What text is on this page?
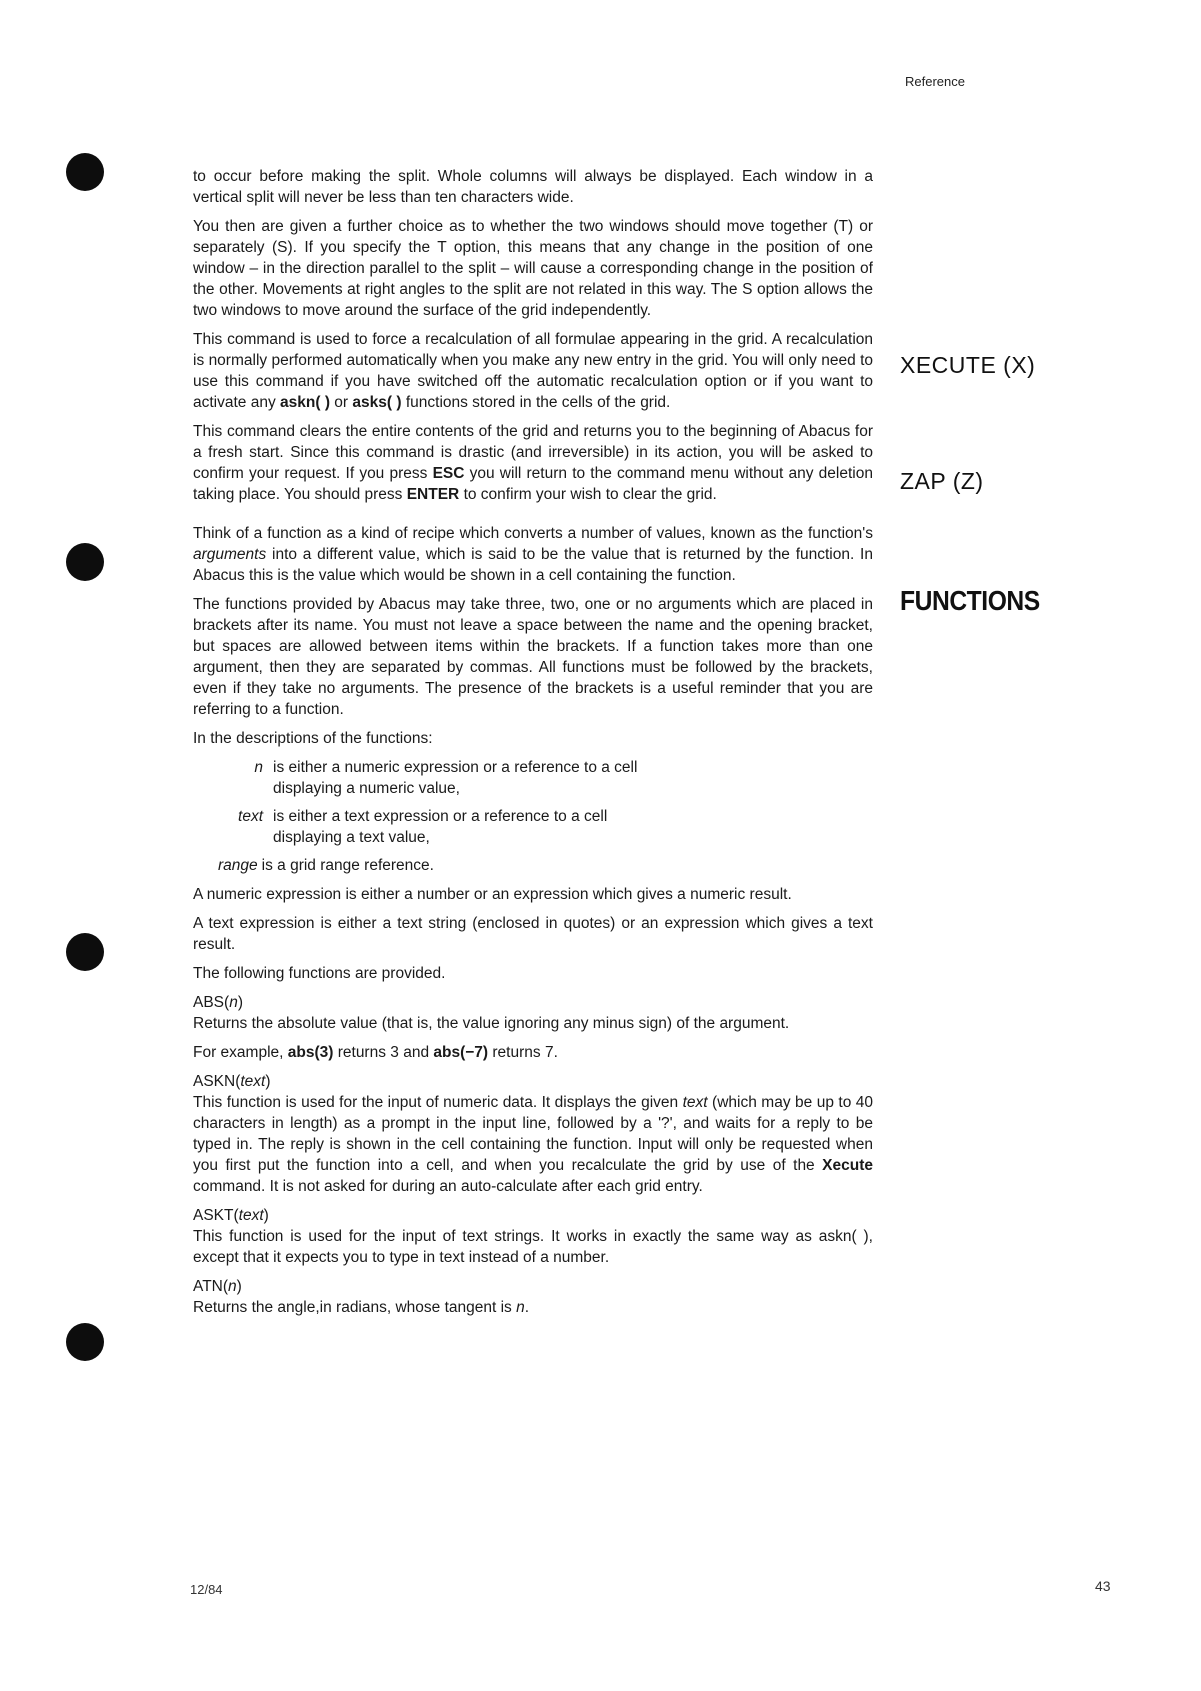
Reference
XECUTE (X)
ZAP (Z)
FUNCTIONS

to occur before making the split. Whole columns will always be displayed. Each window in a vertical split will never be less than ten characters wide.

You then are given a further choice as to whether the two windows should move together (T) or separately (S). If you specify the T option, this means that any change in the position of one window – in the direction parallel to the split – will cause a corresponding change in the position of the other. Movements at right angles to the split are not related in this way. The S option allows the two windows to move around the surface of the grid independently.

This command is used to force a recalculation of all formulae appearing in the grid. A recalculation is normally performed automatically when you make any new entry in the grid. You will only need to use this command if you have switched off the automatic recalculation option or if you want to activate any askn( ) or asks( ) functions stored in the cells of the grid.

This command clears the entire contents of the grid and returns you to the beginning of Abacus for a fresh start. Since this command is drastic (and irreversible) in its action, you will be asked to confirm your request. If you press ESC you will return to the command menu without any deletion taking place. You should press ENTER to confirm your wish to clear the grid.

Think of a function as a kind of recipe which converts a number of values, known as the function's arguments into a different value, which is said to be the value that is returned by the function. In Abacus this is the value which would be shown in a cell containing the function.

The functions provided by Abacus may take three, two, one or no arguments which are placed in brackets after its name. You must not leave a space between the name and the opening bracket, but spaces are allowed between items within the brackets. If a function takes more than one argument, then they are separated by commas. All functions must be followed by the brackets, even if they take no arguments. The presence of the brackets is a useful reminder that you are referring to a function.

In the descriptions of the functions:

n is either a numeric expression or a reference to a cell displaying a numeric value,
text is either a text expression or a reference to a cell displaying a text value,
range is a grid range reference.

A numeric expression is either a number or an expression which gives a numeric result.

A text expression is either a text string (enclosed in quotes) or an expression which gives a text result.

The following functions are provided.

ABS(n)

Returns the absolute value (that is, the value ignoring any minus sign) of the argument.

For example, abs(3) returns 3 and abs(−7) returns 7.

ASKN(text)

This function is used for the input of numeric data. It displays the given text (which may be up to 40 characters in length) as a prompt in the input line, followed by a '?', and waits for a reply to be typed in. The reply is shown in the cell containing the function. Input will only be requested when you first put the function into a cell, and when you recalculate the grid by use of the Xecute command. It is not asked for during an auto-calculate after each grid entry.

ASKT(text)

This function is used for the input of text strings. It works in exactly the same way as askn( ), except that it expects you to type in text instead of a number.

ATN(n)

Returns the angle,in radians, whose tangent is n.

12/84	43
